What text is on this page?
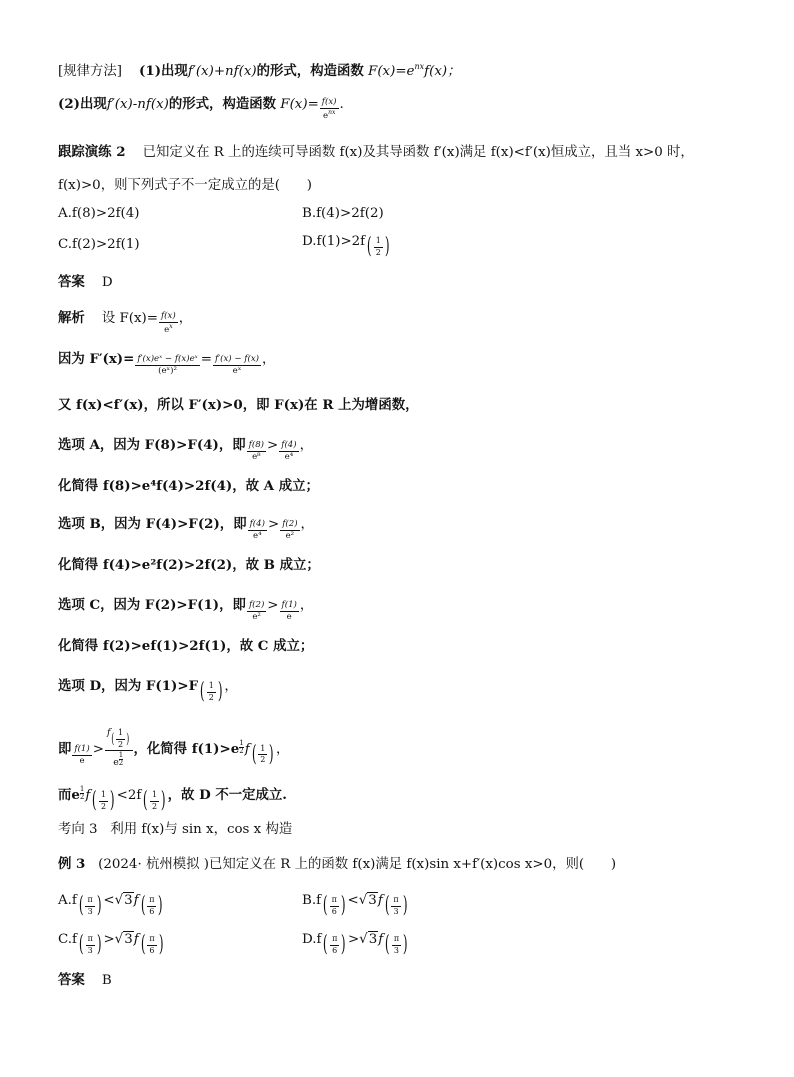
[规律方法] (1)出现f′(x)+nf(x)的形式，构造函数 $F(x)=e^{nx}f(x)$；
(2)出现f′(x)-nf(x)的形式，构造函数 $F(x)= \frac{f(x)}{e^{nx}}$ .
跟踪演练 2 已知定义在 R 上的连续可导函数 f(x)及其导函数 f′(x)满足 f(x)<f′(x)恒成立，且当 x>0 时，
f(x)>0，则下列式子不一定成立的是(　　)
A.f(8)>2f(4)	B.f(4)>2f(2)
C.f(2)>2f(1)	D.f(1)>2f ( $\frac{1}{2}$ )
答案 D
解析 设 $F(x)= \frac{f(x)}{e^x}$ ，
因为 $F'(x)= \frac{\text{f′(x)eˣ − f(x)eˣ}}{\text{(eˣ)²}} = \frac{f'(x) - f(x)}{\text{eˣ}}$ ，
又 f(x)<f′(x)，所以 F′(x)>0，即 F(x)在 R 上为增函数，
选项 A，因为 F(8)>F(4)，即 $\frac{f(8)}{\text{e⁸}} > \frac{f(4)}{\text{e⁴}}$ ，
化简得 f(8)>e⁴f(4)>2f(4)，故 A 成立；
选项 B，因为 F(4)>F(2)，即 $\frac{f(4)}{\text{e⁴}} > \frac{f(2)}{\text{e²}}$ ，
化简得 f(4)>e²f(2)>2f(2)，故 B 成立；
选项 C，因为 F(2)>F(1)，即 $\frac{f(2)}{\text{e²}} > \frac{f(1)}{e}$ ，
化简得 f(2)>ef(1)>2f(1)，故 C 成立；
选项 D，因为 F(1)>F ( $\frac{1}{2}$ ) ，
即 $\frac{f(1)}{e} > \frac{f ( \frac{1}{2} )}{e \frac{1}{2}}$ ，化简得 $f(1)>e \frac{1}{2}$ f ( $\frac{1}{2}$ ) ，
而e $\frac{1}{2}$ f ( $\frac{1}{2}$ ) <2f ( $\frac{1}{2}$ ) ，故 D 不一定成立.
考向 3 利用 f(x)与 sin x，cos x 构造
例 3 (2024· 杭州模拟 )已知定义在 R 上的函数 f(x)满足 f(x)sin x+f′(x)cos x>0，则(　　)
A.f ( $\frac{\pi}{3}$ ) <√3f ( $\frac{\pi}{6}$ )	B.f ( $\frac{\pi}{6}$ ) <√3f ( $\frac{\pi}{3}$ )
C.f ( $\frac{\pi}{3}$ ) >√3f ( $\frac{\pi}{6}$ )	D.f ( $\frac{\pi}{6}$ ) >√3f ( $\frac{\pi}{3}$ )
答案 B
